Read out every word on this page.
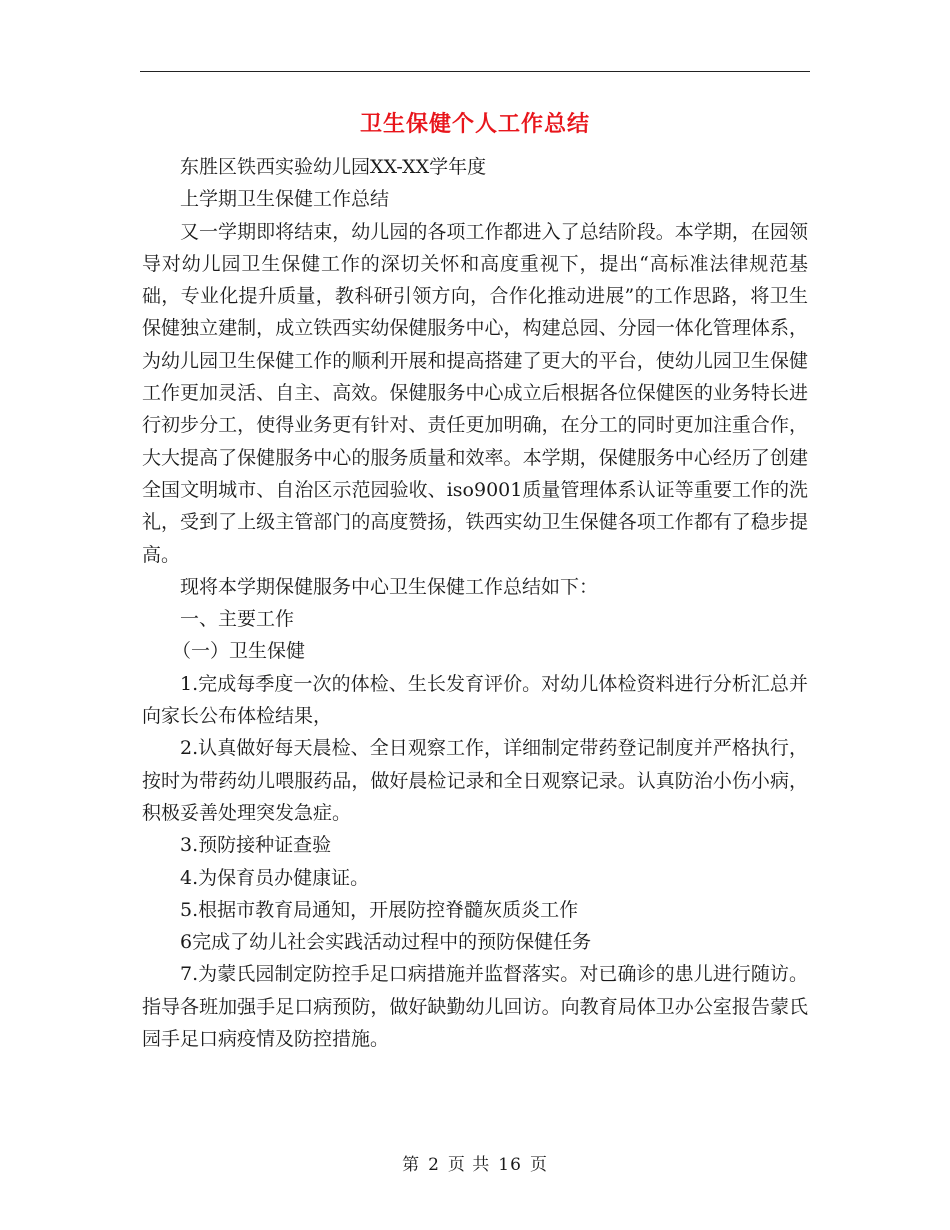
卫生保健个人工作总结

东胜区铁西实验幼儿园XX-XX学年度

上学期卫生保健工作总结

又一学期即将结束，幼儿园的各项工作都进入了总结阶段。本学期，在园领导对幼儿园卫生保健工作的深切关怀和高度重视下，提出“高标准法律规范基础，专业化提升质量，教科研引领方向，合作化推动进展”的工作思路，将卫生保健独立建制，成立铁西实幼保健服务中心，构建总园、分园一体化管理体系，为幼儿园卫生保健工作的顺利开展和提高搭建了更大的平台，使幼儿园卫生保健工作更加灵活、自主、高效。保健服务中心成立后根据各位保健医的业务特长进行初步分工，使得业务更有针对、责任更加明确，在分工的同时更加注重合作，大大提高了保健服务中心的服务质量和效率。本学期，保健服务中心经历了创建全国文明城市、自治区示范园验收、iso9001质量管理体系认证等重要工作的洗礼，受到了上级主管部门的高度赞扬，铁西实幼卫生保健各项工作都有了稳步提高。

现将本学期保健服务中心卫生保健工作总结如下：

一、主要工作

（一）卫生保健

1.完成每季度一次的体检、生长发育评价。对幼儿体检资料进行分析汇总并向家长公布体检结果，

2.认真做好每天晨检、全日观察工作，详细制定带药登记制度并严格执行，按时为带药幼儿喂服药品，做好晨检记录和全日观察记录。认真防治小伤小病，积极妥善处理突发急症。

3.预防接种证查验

4.为保育员办健康证。

5.根据市教育局通知，开展防控脊髓灰质炎工作

6完成了幼儿社会实践活动过程中的预防保健任务

7.为蒙氏园制定防控手足口病措施并监督落实。对已确诊的患儿进行随访。指导各班加强手足口病预防，做好缺勤幼儿回访。向教育局体卫办公室报告蒙氏园手足口病疫情及防控措施。

第 2 页 共 16 页
